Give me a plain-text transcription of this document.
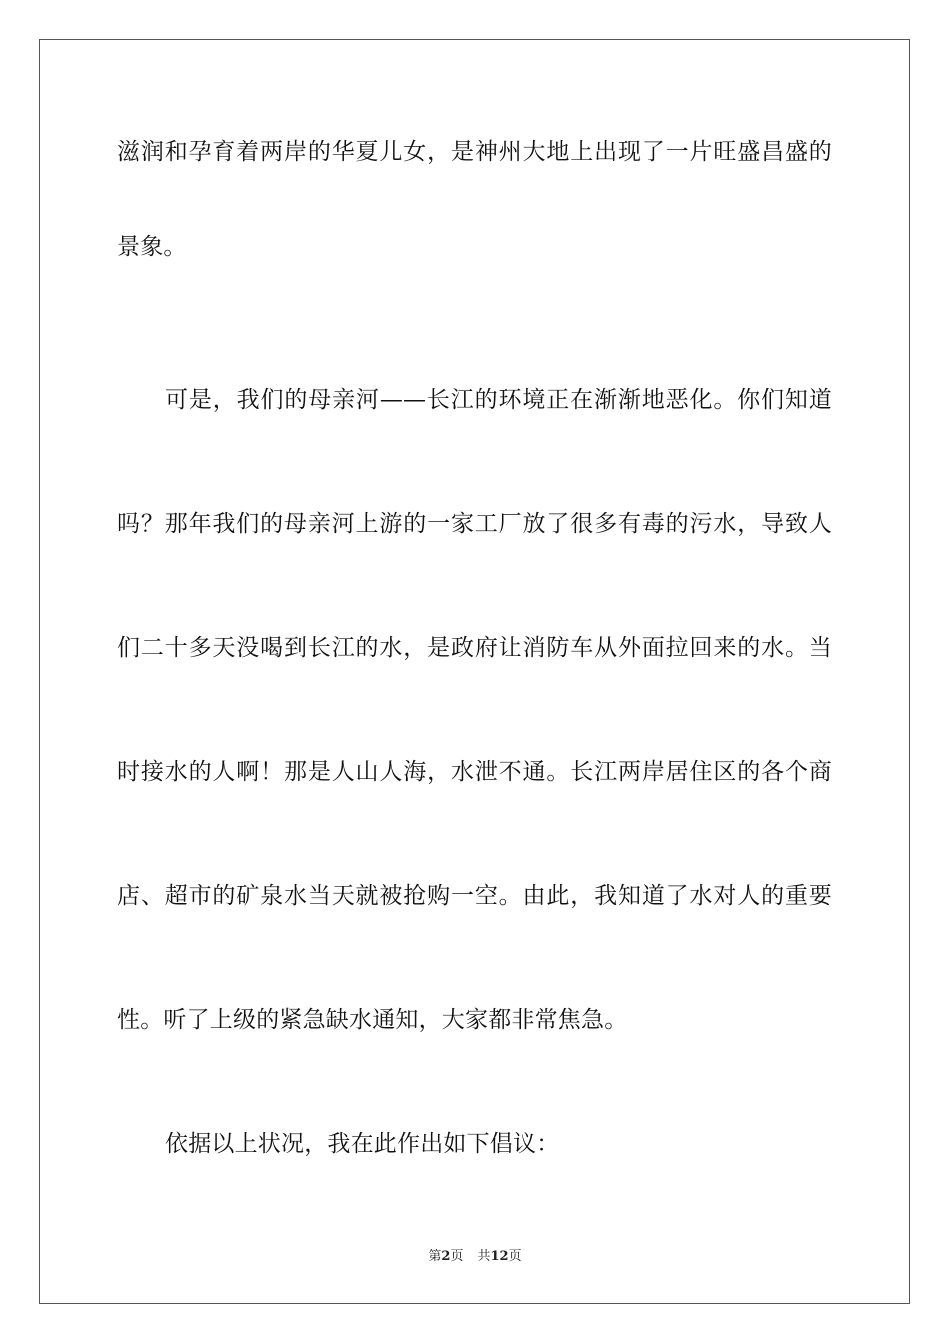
滋润和孕育着两岸的华夏儿女，是神州大地上出现了一片旺盛昌盛的
景象。
可是，我们的母亲河——长江的环境正在渐渐地恶化。你们知道
吗？那年我们的母亲河上游的一家工厂放了很多有毒的污水，导致人
们二十多天没喝到长江的水，是政府让消防车从外面拉回来的水。当
时接水的人啊！那是人山人海，水泄不通。长江两岸居住区的各个商
店、超市的矿泉水当天就被抢购一空。由此，我知道了水对人的重要
性。听了上级的紧急缺水通知，大家都非常焦急。
依据以上状况，我在此作出如下倡议：
第2页 共12页
